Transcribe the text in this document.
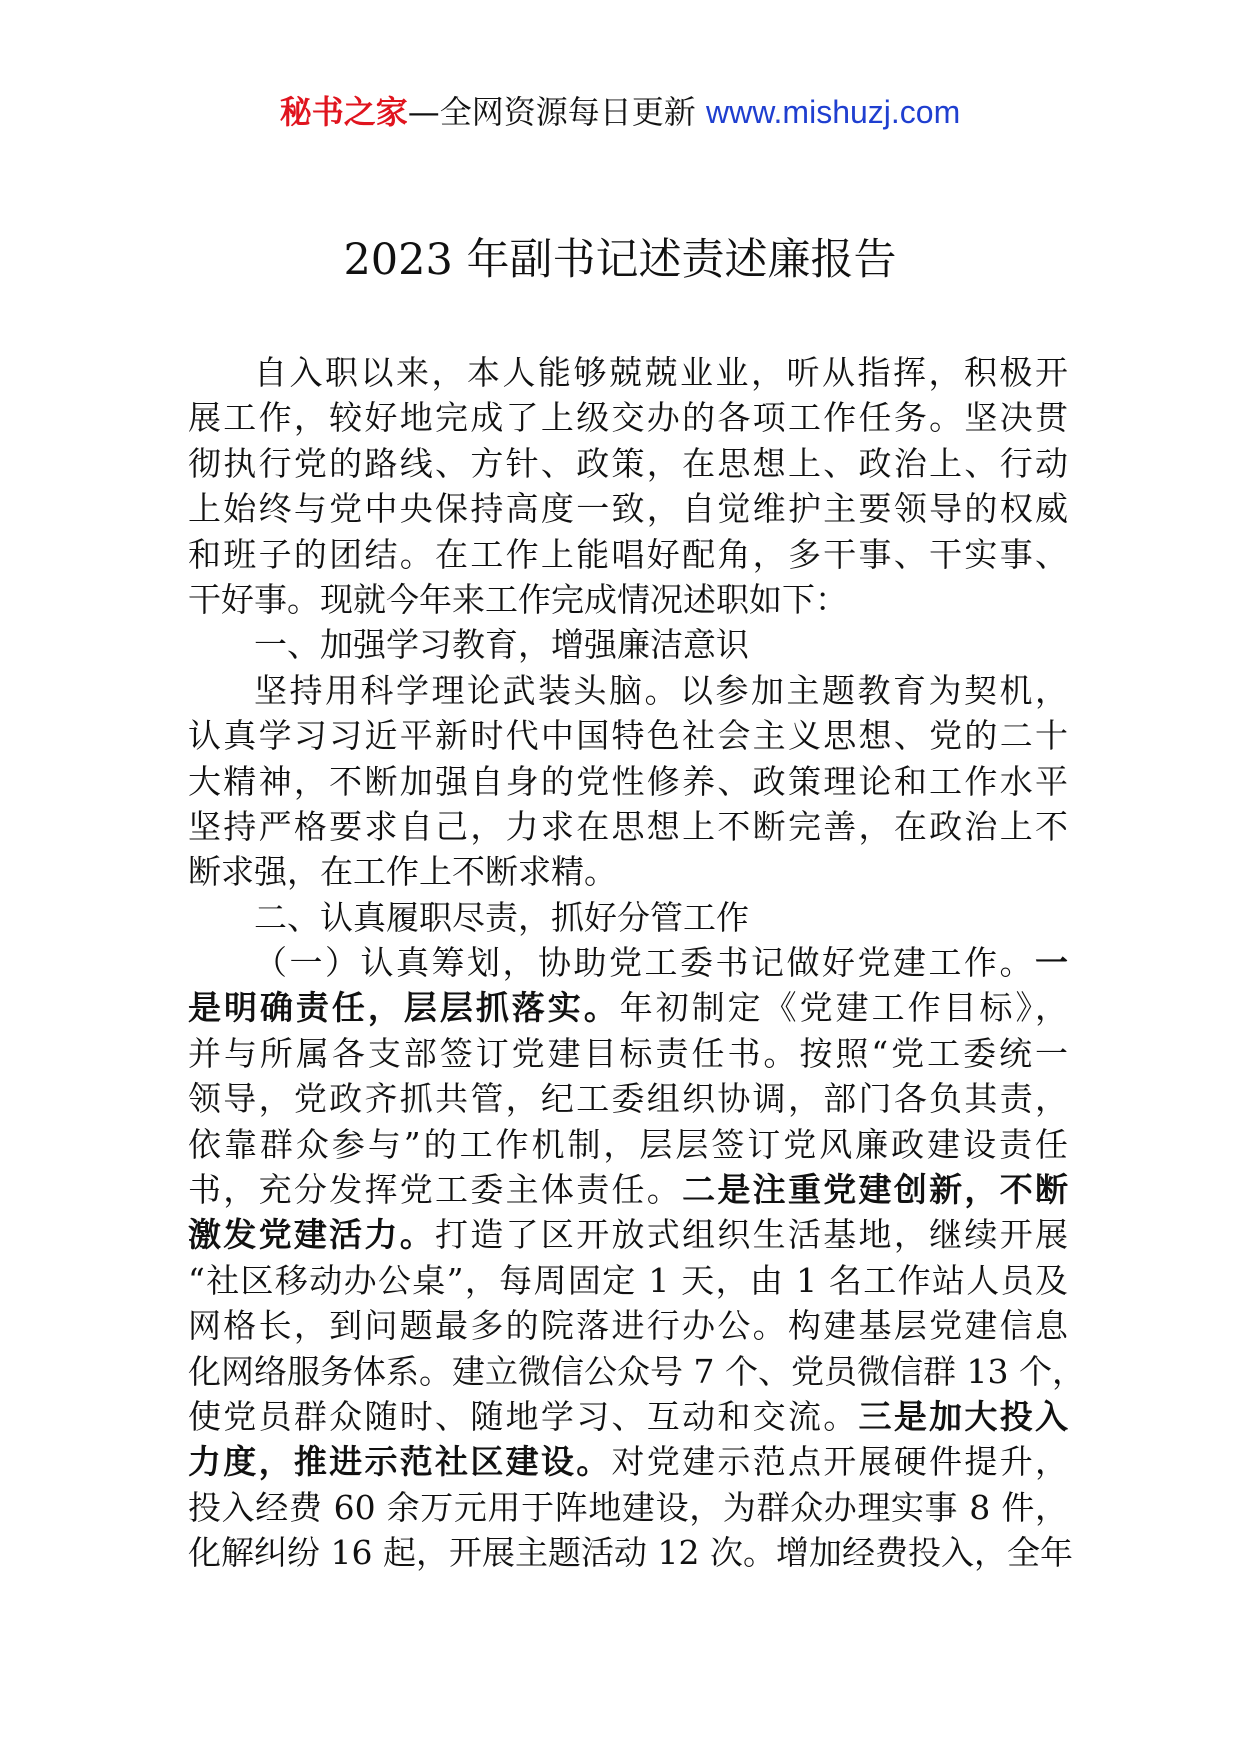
秘书之家—全网资源每日更新 www.mishuzj.com
2023 年副书记述责述廉报告
自入职以来，本人能够兢兢业业，听从指挥，积极开
展工作，较好地完成了上级交办的各项工作任务。坚决贯
彻执行党的路线、方针、政策，在思想上、政治上、行动
上始终与党中央保持高度一致，自觉维护主要领导的权威
和班子的团结。在工作上能唱好配角，多干事、干实事、
干好事。现就今年来工作完成情况述职如下：
一、加强学习教育，增强廉洁意识
坚持用科学理论武装头脑。以参加主题教育为契机，
认真学习习近平新时代中国特色社会主义思想、党的二十
大精神，不断加强自身的党性修养、政策理论和工作水平
坚持严格要求自己，力求在思想上不断完善，在政治上不
断求强，在工作上不断求精。
二、认真履职尽责，抓好分管工作
（一）认真筹划，协助党工委书记做好党建工作。一
是明确责任，层层抓落实。年初制定《党建工作目标》，
并与所属各支部签订党建目标责任书。按照“党工委统一
领导，党政齐抓共管，纪工委组织协调，部门各负其责，
依靠群众参与”的工作机制，层层签订党风廉政建设责任
书，充分发挥党工委主体责任。二是注重党建创新，不断
激发党建活力。打造了区开放式组织生活基地，继续开展
“社区移动办公桌”，每周固定 1 天，由 1 名工作站人员及
网格长，到问题最多的院落进行办公。构建基层党建信息
化网络服务体系。建立微信公众号 7 个、党员微信群 13 个，
使党员群众随时、随地学习、互动和交流。三是加大投入
力度，推进示范社区建设。对党建示范点开展硬件提升，
投入经费 60 余万元用于阵地建设，为群众办理实事 8 件，
化解纠纷 16 起，开展主题活动 12 次。增加经费投入，全年
